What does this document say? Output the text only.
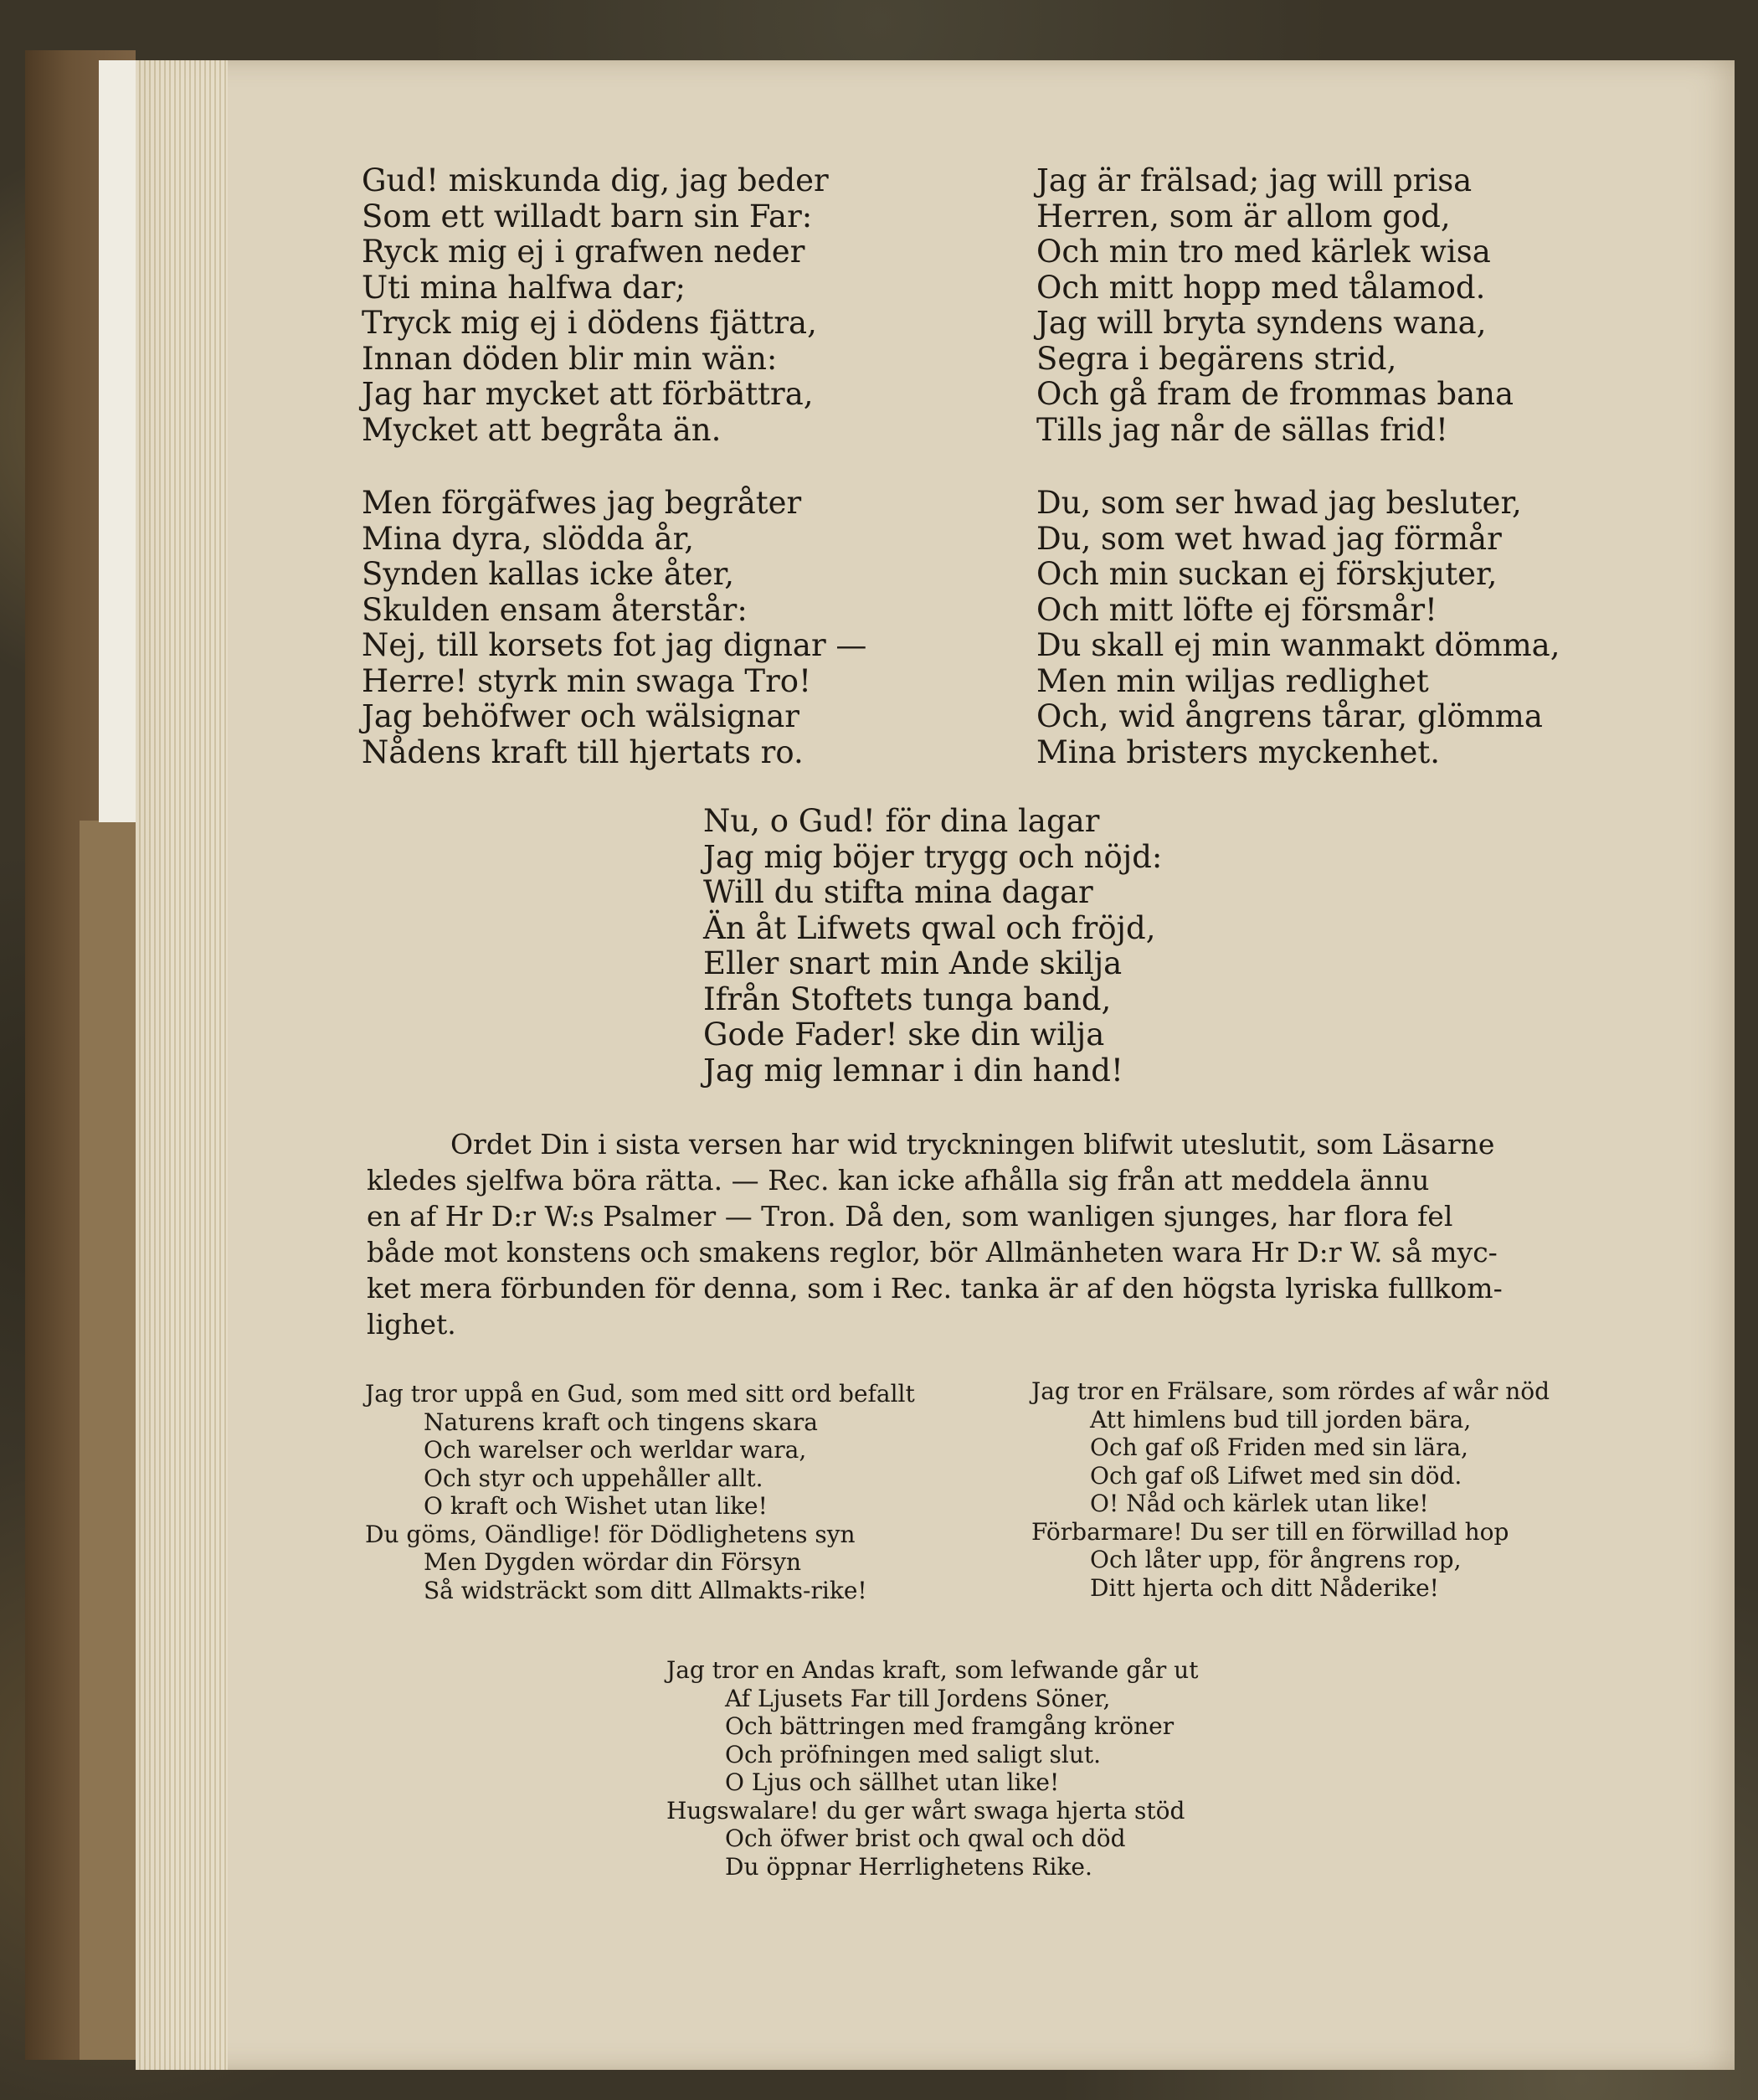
Gud! miskunda dig, jag beder
Som ett willadt barn sin Far:
Ryck mig ej i grafwen neder
Uti mina halfwa dar;
Tryck mig ej i dödens fjättra,
Innan döden blir min wän:
Jag har mycket att förbättra,
Mycket att begråta än.
Men förgäfwes jag begråter
Mina dyra, slödda år,
Synden kallas icke åter,
Skulden ensam återstår:
Nej, till korsets fot jag dignar —
Herre! styrk min swaga Tro!
Jag behöfwer och wälsignar
Nådens kraft till hjertats ro.
Jag är frälsad; jag will prisa
Herren, som är allom god,
Och min tro med kärlek wisa
Och mitt hopp med tålamod.
Jag will bryta syndens wana,
Segra i begärens strid,
Och gå fram de frommas bana
Tills jag når de sällas frid!
Du, som ser hwad jag besluter,
Du, som wet hwad jag förmår
Och min suckan ej förskjuter,
Och mitt löfte ej försmår!
Du skall ej min wanmakt dömma,
Men min wiljas redlighet
Och, wid ångrens tårar, glömma
Mina bristers myckenhet.
Nu, o Gud! för dina lagar
Jag mig böjer trygg och nöjd:
Will du stifta mina dagar
Än åt Lifwets qwal och fröjd,
Eller snart min Ande skilja
Ifrån Stoftets tunga band,
Gode Fader! ske din wilja
Jag mig lemnar i din hand!
Ordet Din i sista versen har wid tryckningen blifwit uteslutit, som Läsarne
kledes sjelfwa böra rätta. — Rec. kan icke afhålla sig från att meddela ännu
en af Hr D:r W:s Psalmer — Tron. Då den, som wanligen sjunges, har flora fel
både mot konstens och smakens reglor, bör Allmänheten wara Hr D:r W. så myc-
ket mera förbunden för denna, som i Rec. tanka är af den högsta lyriska fullkom-
lighet.
Jag tror uppå en Gud, som med sitt ord befallt
Naturens kraft och tingens skara
Och warelser och werldar wara,
Och styr och uppehåller allt.
O kraft och Wishet utan like!
Du göms, Oändlige! för Dödlighetens syn
Men Dygden wördar din Försyn
Så widsträckt som ditt Allmakts-rike!
Jag tror en Frälsare, som rördes af wår nöd
Att himlens bud till jorden bära,
Och gaf oß Friden med sin lära,
Och gaf oß Lifwet med sin död.
O! Nåd och kärlek utan like!
Förbarmare! Du ser till en förwillad hop
Och låter upp, för ångrens rop,
Ditt hjerta och ditt Nåderike!
Jag tror en Andas kraft, som lefwande går ut
Af Ljusets Far till Jordens Söner,
Och bättringen med framgång kröner
Och pröfningen med saligt slut.
O Ljus och sällhet utan like!
Hugswalare! du ger wårt swaga hjerta stöd
Och öfwer brist och qwal och död
Du öppnar Herrlighetens Rike.
